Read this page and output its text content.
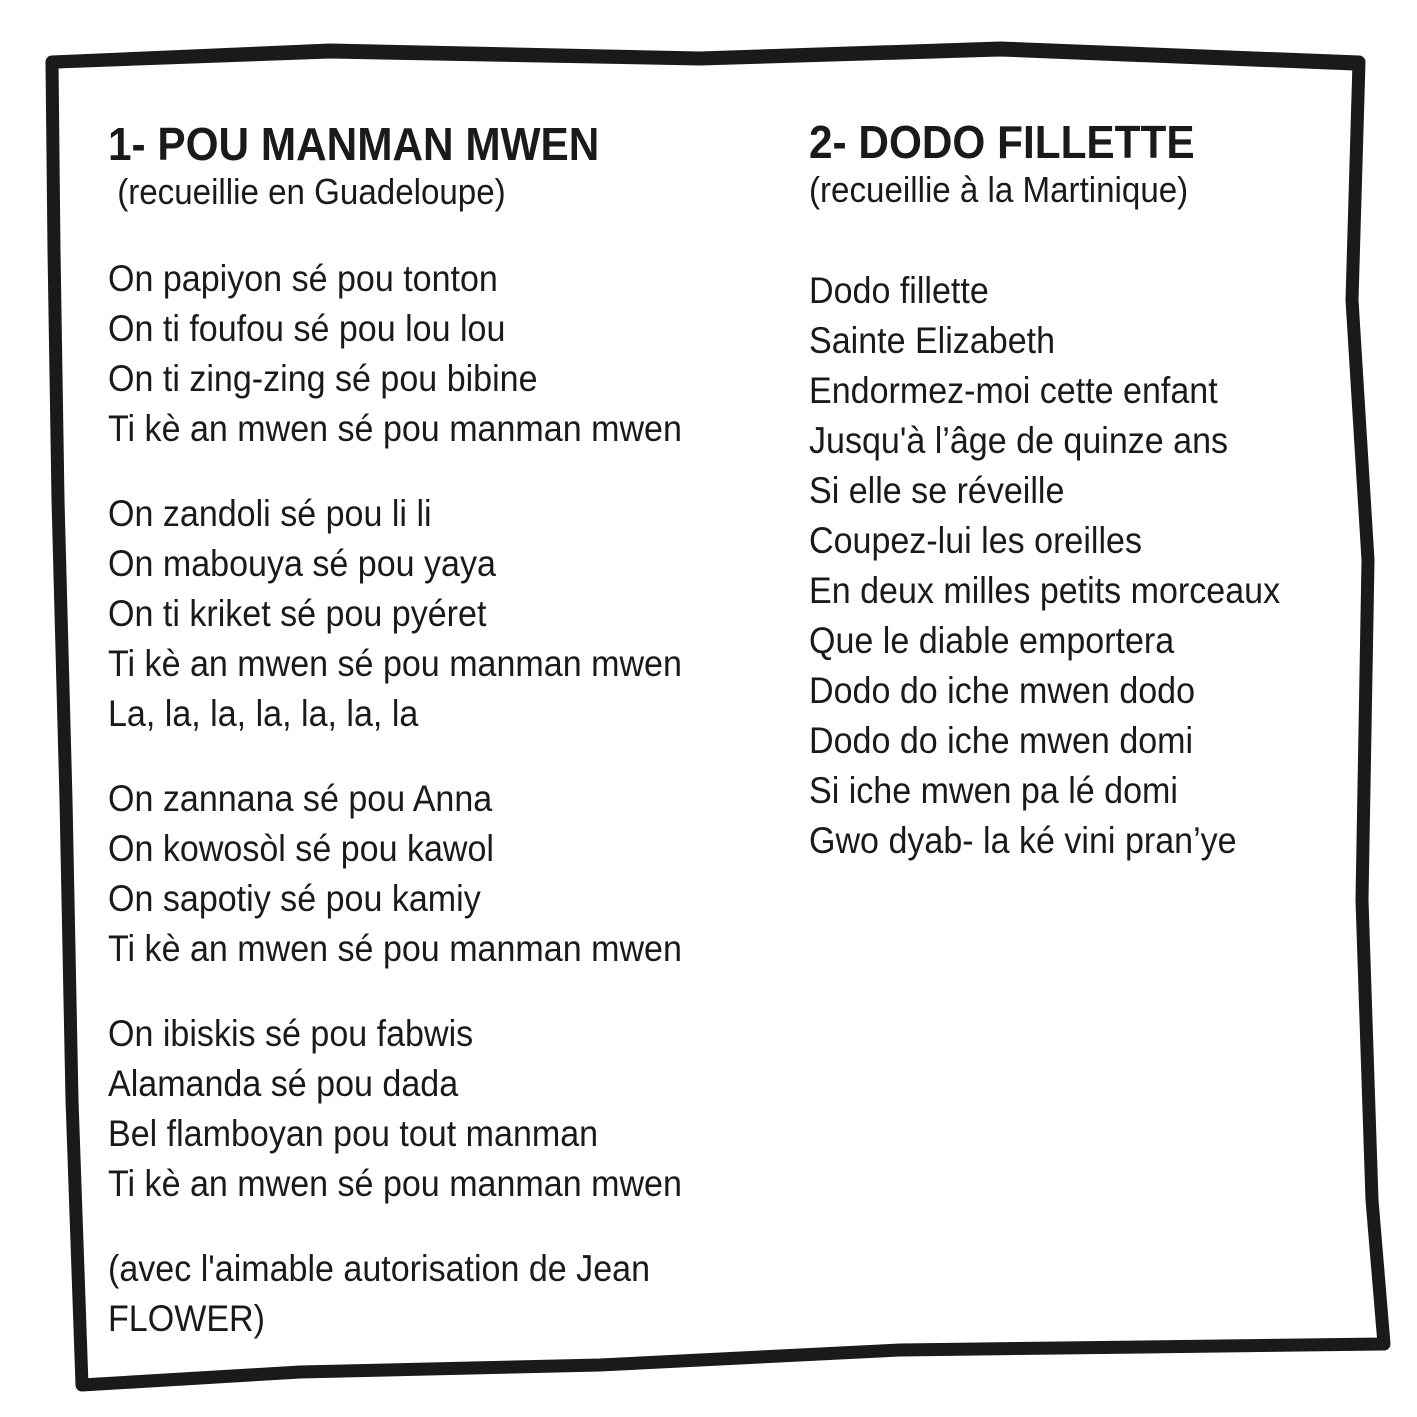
1- POU MANMAN MWEN
(recueillie en Guadeloupe)
On papiyon sé pou tonton
On ti foufou sé pou lou lou
On ti zing-zing sé pou bibine
Ti kè an mwen sé pou manman mwen
On zandoli sé pou li li
On mabouya sé pou yaya
On ti kriket sé pou pyéret
Ti kè an mwen sé pou manman mwen
La, la, la, la, la, la, la
On zannana sé pou Anna
On kowosòl sé pou kawol
On sapotiy sé pou kamiy
Ti kè an mwen sé pou manman mwen
On ibiskis sé pou fabwis
Alamanda sé pou dada
Bel flamboyan pou tout manman
Ti kè an mwen sé pou manman mwen
(avec l'aimable autorisation de Jean
FLOWER)
2- DODO FILLETTE
(recueillie à la Martinique)
Dodo fillette
Sainte Elizabeth
Endormez-moi cette enfant
Jusqu'à l’âge de quinze ans
Si elle se réveille
Coupez-lui les oreilles
En deux milles petits morceaux
Que le diable emportera
Dodo do iche mwen dodo
Dodo do iche mwen domi
Si iche mwen pa lé domi
Gwo dyab- la ké vini pran’ye
